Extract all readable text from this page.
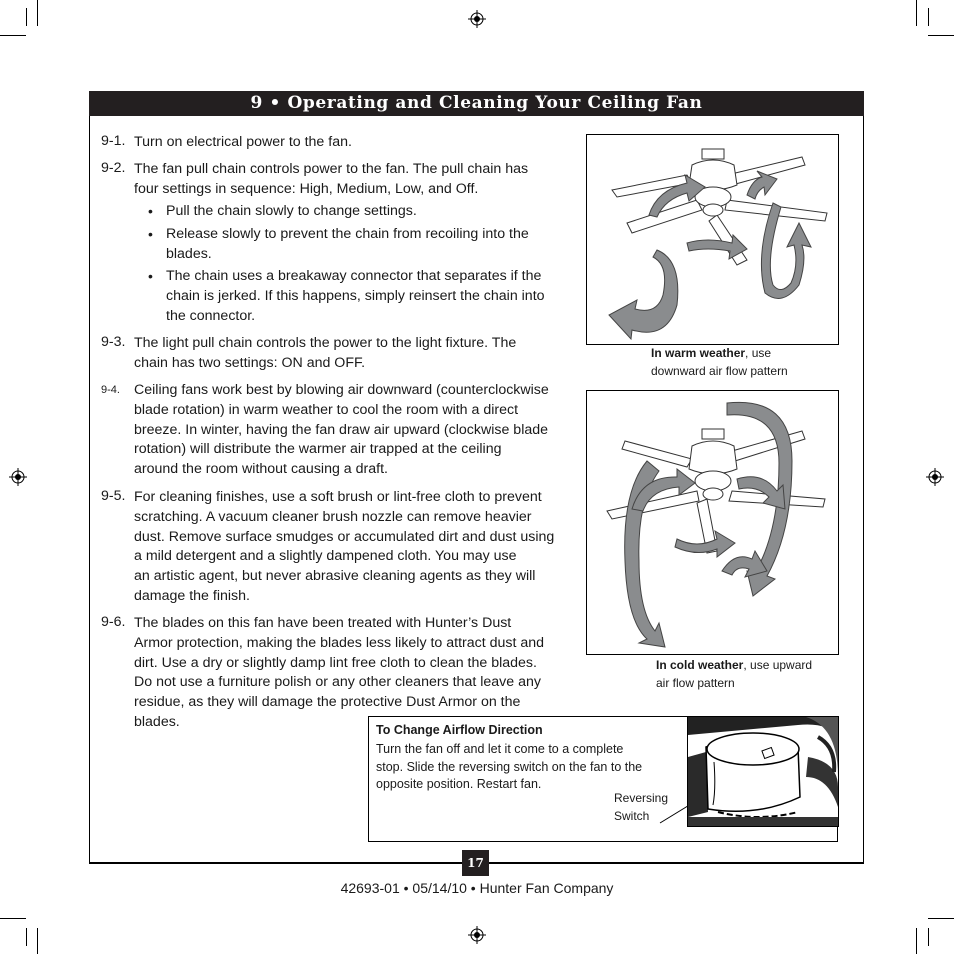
9 • Operating and Cleaning Your Ceiling Fan
9-1. Turn on electrical power to the fan.
9-2. The fan pull chain controls power to the fan. The pull chain has
four settings in sequence: High, Medium, Low, and Off.
• Pull the chain slowly to change settings.
• Release slowly to prevent the chain from recoiling into the
blades.
• The chain uses a breakaway connector that separates if the
chain is jerked. If this happens, simply reinsert the chain into
the connector.
9-3. The light pull chain controls the power to the light fixture. The
chain has two settings: ON and OFF.
9-4. Ceiling fans work best by blowing air downward (counterclockwise
blade rotation) in warm weather to cool the room with a direct
breeze. In winter, having the fan draw air upward (clockwise blade
rotation) will distribute the warmer air trapped at the ceiling
around the room without causing a draft.
9-5. For cleaning finishes, use a soft brush or lint-free cloth to prevent
scratching. A vacuum cleaner brush nozzle can remove heavier
dust. Remove surface smudges or accumulated dirt and dust using
a mild detergent and a slightly dampened cloth. You may use
an artistic agent, but never abrasive cleaning agents as they will
damage the finish.
9-6. The blades on this fan have been treated with Hunter’s Dust
Armor protection, making the blades less likely to attract dust and
dirt. Use a dry or slightly damp lint free cloth to clean the blades.
Do not use a furniture polish or any other cleaners that leave any
residue, as they will damage the protective Dust Armor on the
blades.
In warm weather, use
downward air flow pattern
In cold weather, use upward
air flow pattern
To Change Airflow Direction
Turn the fan off and let it come to a complete
stop. Slide the reversing switch on the fan to the
opposite position. Restart fan.
Reversing
Switch
17
42693-01 • 05/14/10 • Hunter Fan Company
